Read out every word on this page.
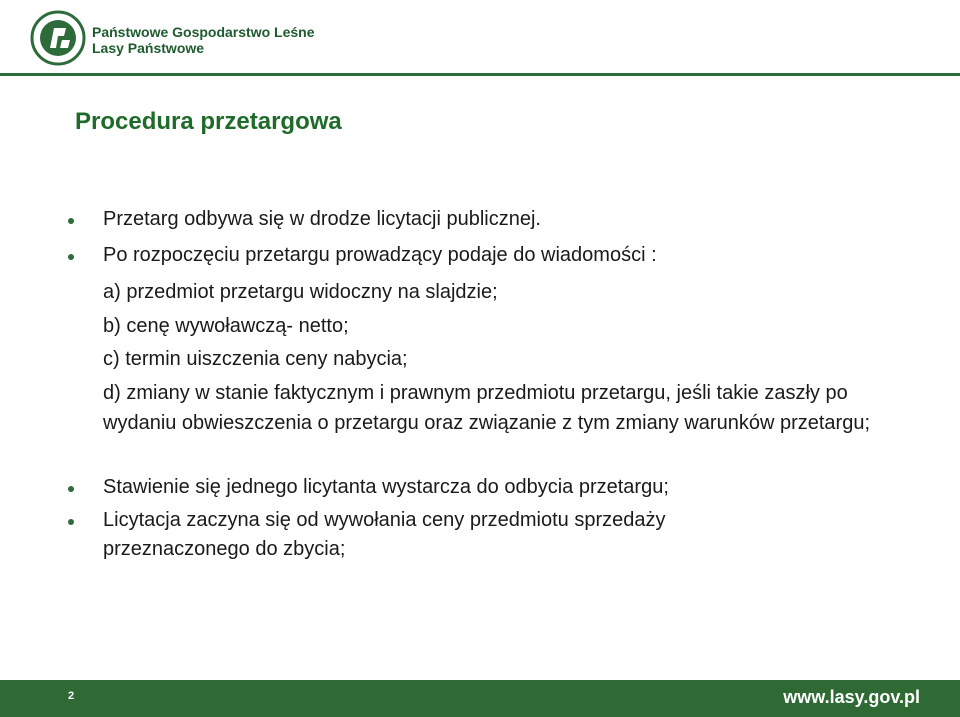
Państwowe Gospodarstwo Leśne
Lasy Państwowe
Procedura przetargowa
Przetarg odbywa się w drodze licytacji publicznej.
Po rozpoczęciu przetargu prowadzący podaje do wiadomości :
a) przedmiot przetargu widoczny na slajdzie;
b) cenę wywoławczą- netto;
c) termin uiszczenia ceny nabycia;
d) zmiany w stanie faktycznym i prawnym przedmiotu przetargu, jeśli takie zaszły po wydaniu obwieszczenia o przetargu oraz związanie z tym zmiany warunków przetargu;
Stawienie się jednego licytanta wystarcza do odbycia przetargu;
Licytacja zaczyna się od wywołania ceny przedmiotu sprzedaży przeznaczonego do zbycia;
2	www.lasy.gov.pl
